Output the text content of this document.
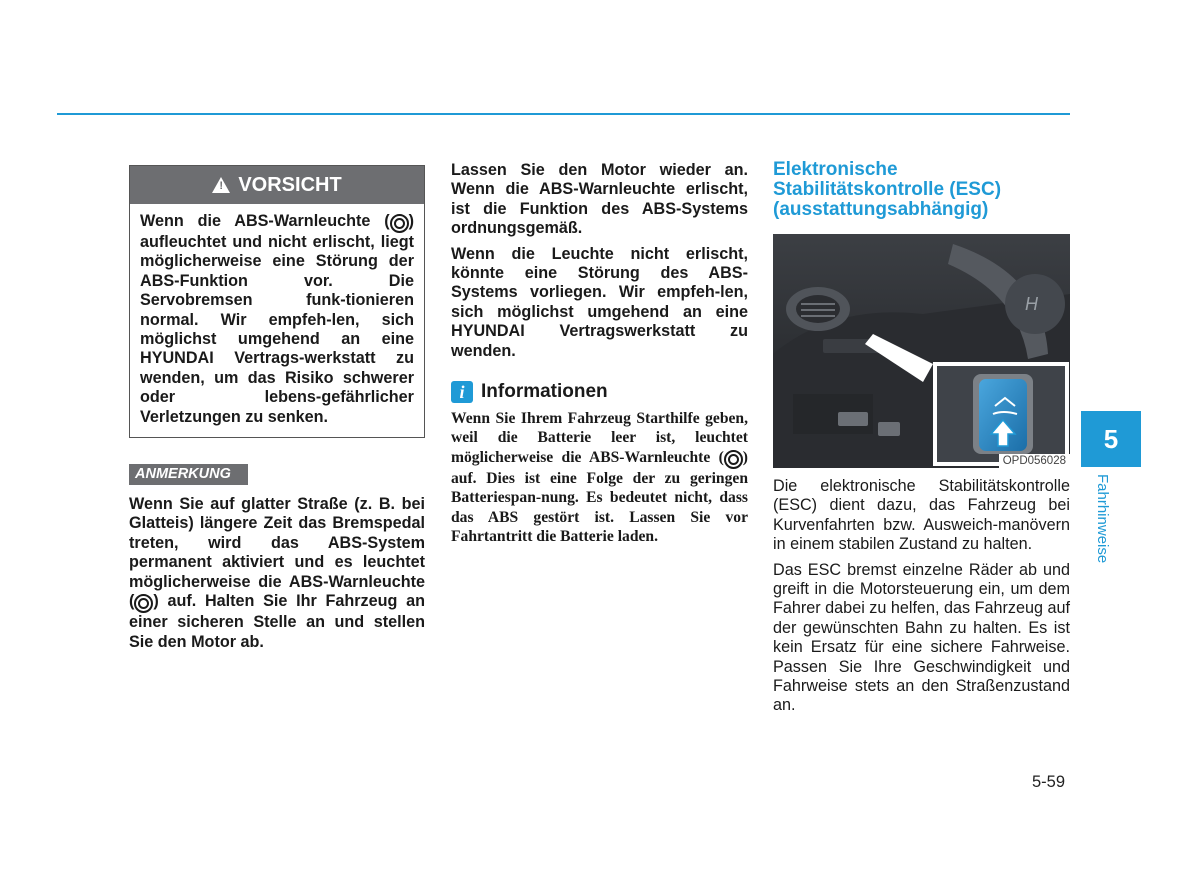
! VORSICHT
Wenn die ABS-Warnleuchte ( ) aufleuchtet und nicht erlischt, liegt möglicherweise eine Störung der ABS-Funktion vor. Die Servobremsen funk-tionieren normal. Wir empfeh-len, sich möglichst umgehend an eine HYUNDAI Vertrags-werkstatt zu wenden, um das Risiko schwerer oder lebens-gefährlicher Verletzungen zu senken.
ANMERKUNG
Wenn Sie auf glatter Straße (z. B. bei Glatteis) längere Zeit das Bremspedal treten, wird das ABS-System permanent aktiviert und es leuchtet möglicherweise die ABS-Warnleuchte ( ) auf. Halten Sie Ihr Fahrzeug an einer sicheren Stelle an und stellen Sie den Motor ab.

Lassen Sie den Motor wieder an. Wenn die ABS-Warnleuchte erlischt, ist die Funktion des ABS-Systems ordnungsgemäß.

Wenn die Leuchte nicht erlischt, könnte eine Störung des ABS-Systems vorliegen. Wir empfeh-len, sich möglichst umgehend an eine HYUNDAI Vertragswerkstatt zu wenden.

i Informationen
Wenn Sie Ihrem Fahrzeug Starthilfe geben, weil die Batterie leer ist, leuchtet möglicherweise die ABS-Warnleuchte ( ) auf. Dies ist eine Folge der zu geringen Batteriespan-nung. Es bedeutet nicht, dass das ABS gestört ist. Lassen Sie vor Fahrtantritt die Batterie laden.
Elektronische
Stabilitätskontrolle (ESC)
(ausstattungsabhängig)
H
OPD056028

Die elektronische Stabilitätskontrolle (ESC) dient dazu, das Fahrzeug bei Kurvenfahrten bzw. Ausweich-manövern in einem stabilen Zustand zu halten.

Das ESC bremst einzelne Räder ab und greift in die Motorsteuerung ein, um dem Fahrer dabei zu helfen, das Fahrzeug auf der gewünschten Bahn zu halten. Es ist kein Ersatz für eine sichere Fahrweise. Passen Sie Ihre Geschwindigkeit und Fahrweise stets an den Straßenzustand an.

5
Fahrhinweise
5-59
